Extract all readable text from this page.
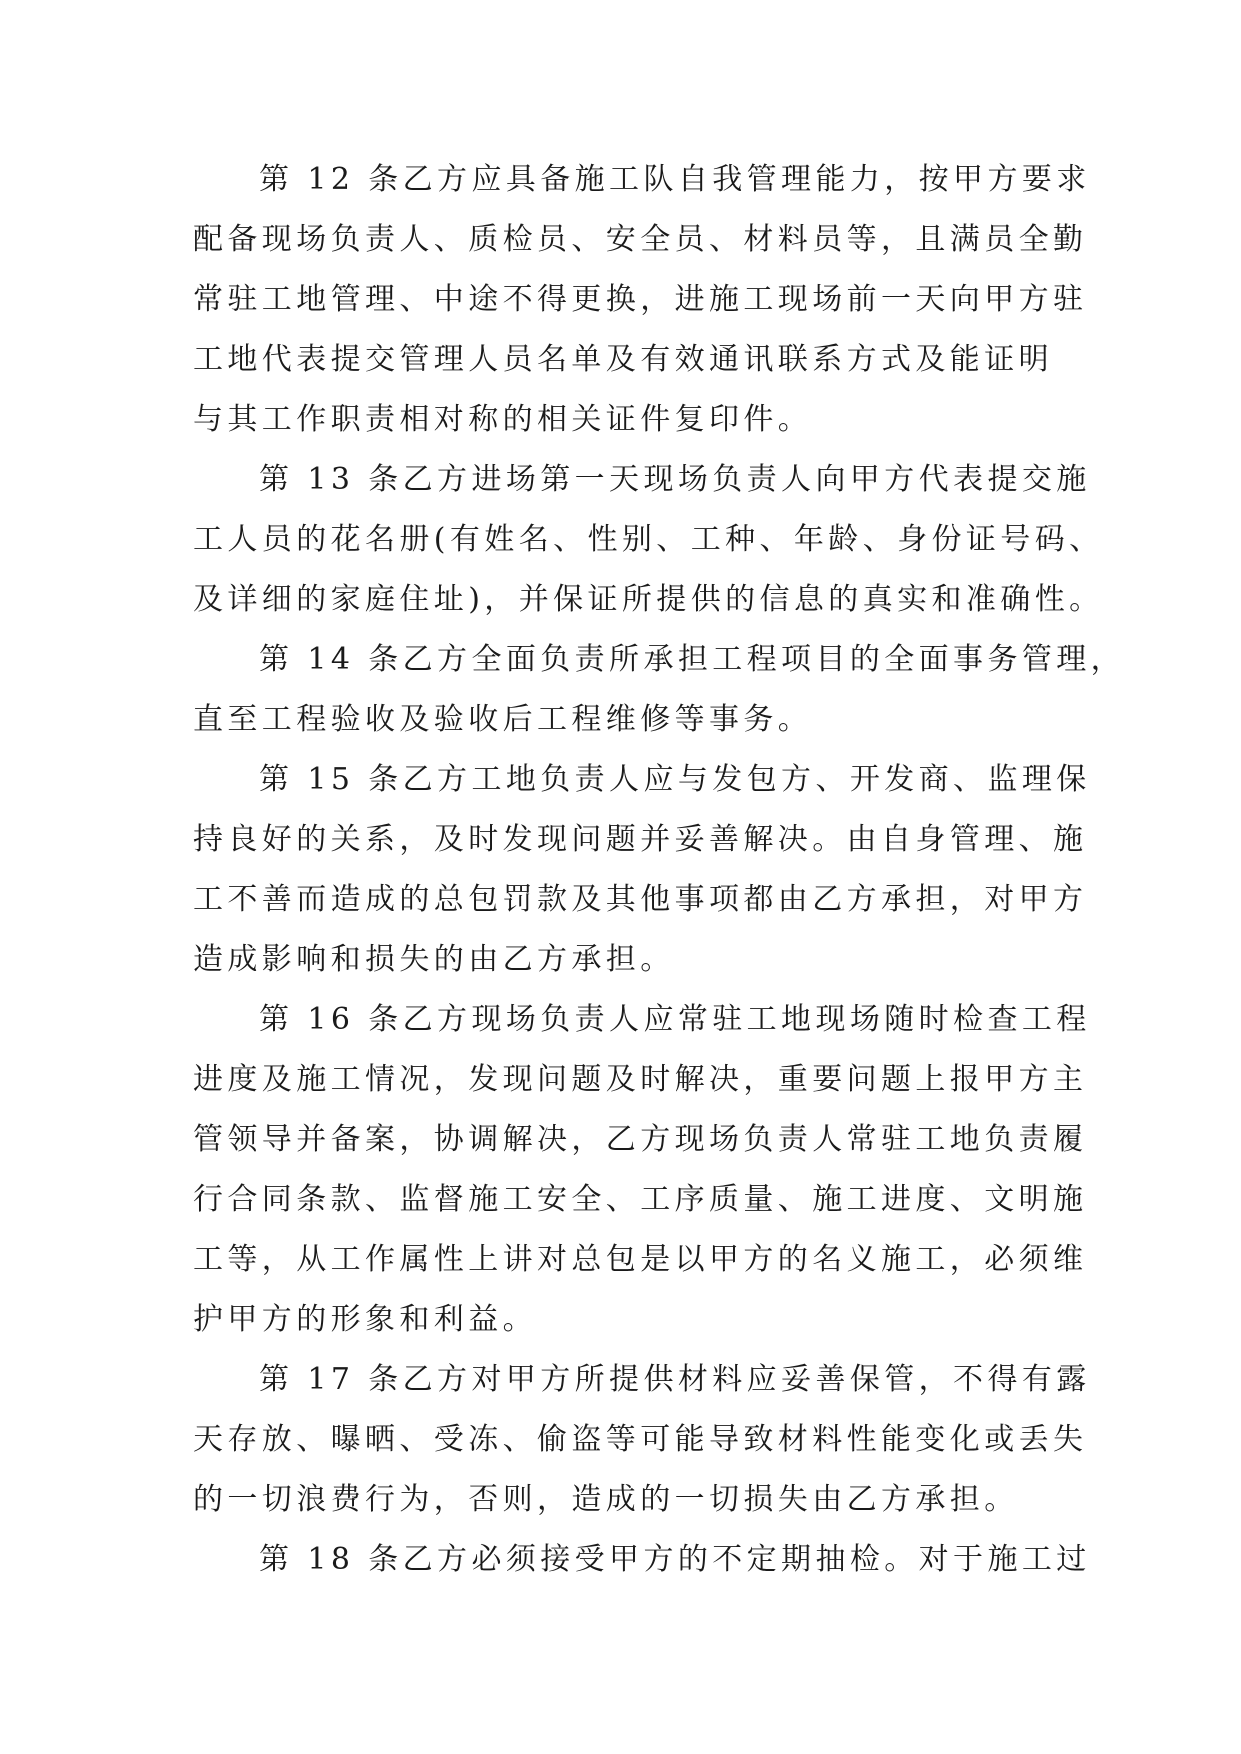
第 12 条乙方应具备施工队自我管理能力，按甲方要求
配备现场负责人、质检员、安全员、材料员等，且满员全勤
常驻工地管理、中途不得更换，进施工现场前一天向甲方驻
工地代表提交管理人员名单及有效通讯联系方式及能证明
与其工作职责相对称的相关证件复印件。

第 13 条乙方进场第一天现场负责人向甲方代表提交施
工人员的花名册(有姓名、性别、工种、年龄、身份证号码、
及详细的家庭住址)，并保证所提供的信息的真实和准确性。

第 14 条乙方全面负责所承担工程项目的全面事务管理，
直至工程验收及验收后工程维修等事务。

第 15 条乙方工地负责人应与发包方、开发商、监理保
持良好的关系，及时发现问题并妥善解决。由自身管理、施
工不善而造成的总包罚款及其他事项都由乙方承担，对甲方
造成影响和损失的由乙方承担。

第 16 条乙方现场负责人应常驻工地现场随时检查工程
进度及施工情况，发现问题及时解决，重要问题上报甲方主
管领导并备案，协调解决，乙方现场负责人常驻工地负责履
行合同条款、监督施工安全、工序质量、施工进度、文明施
工等，从工作属性上讲对总包是以甲方的名义施工，必须维
护甲方的形象和利益。

第 17 条乙方对甲方所提供材料应妥善保管，不得有露
天存放、曝晒、受冻、偷盗等可能导致材料性能变化或丢失
的一切浪费行为，否则，造成的一切损失由乙方承担。

第 18 条乙方必须接受甲方的不定期抽检。对于施工过
